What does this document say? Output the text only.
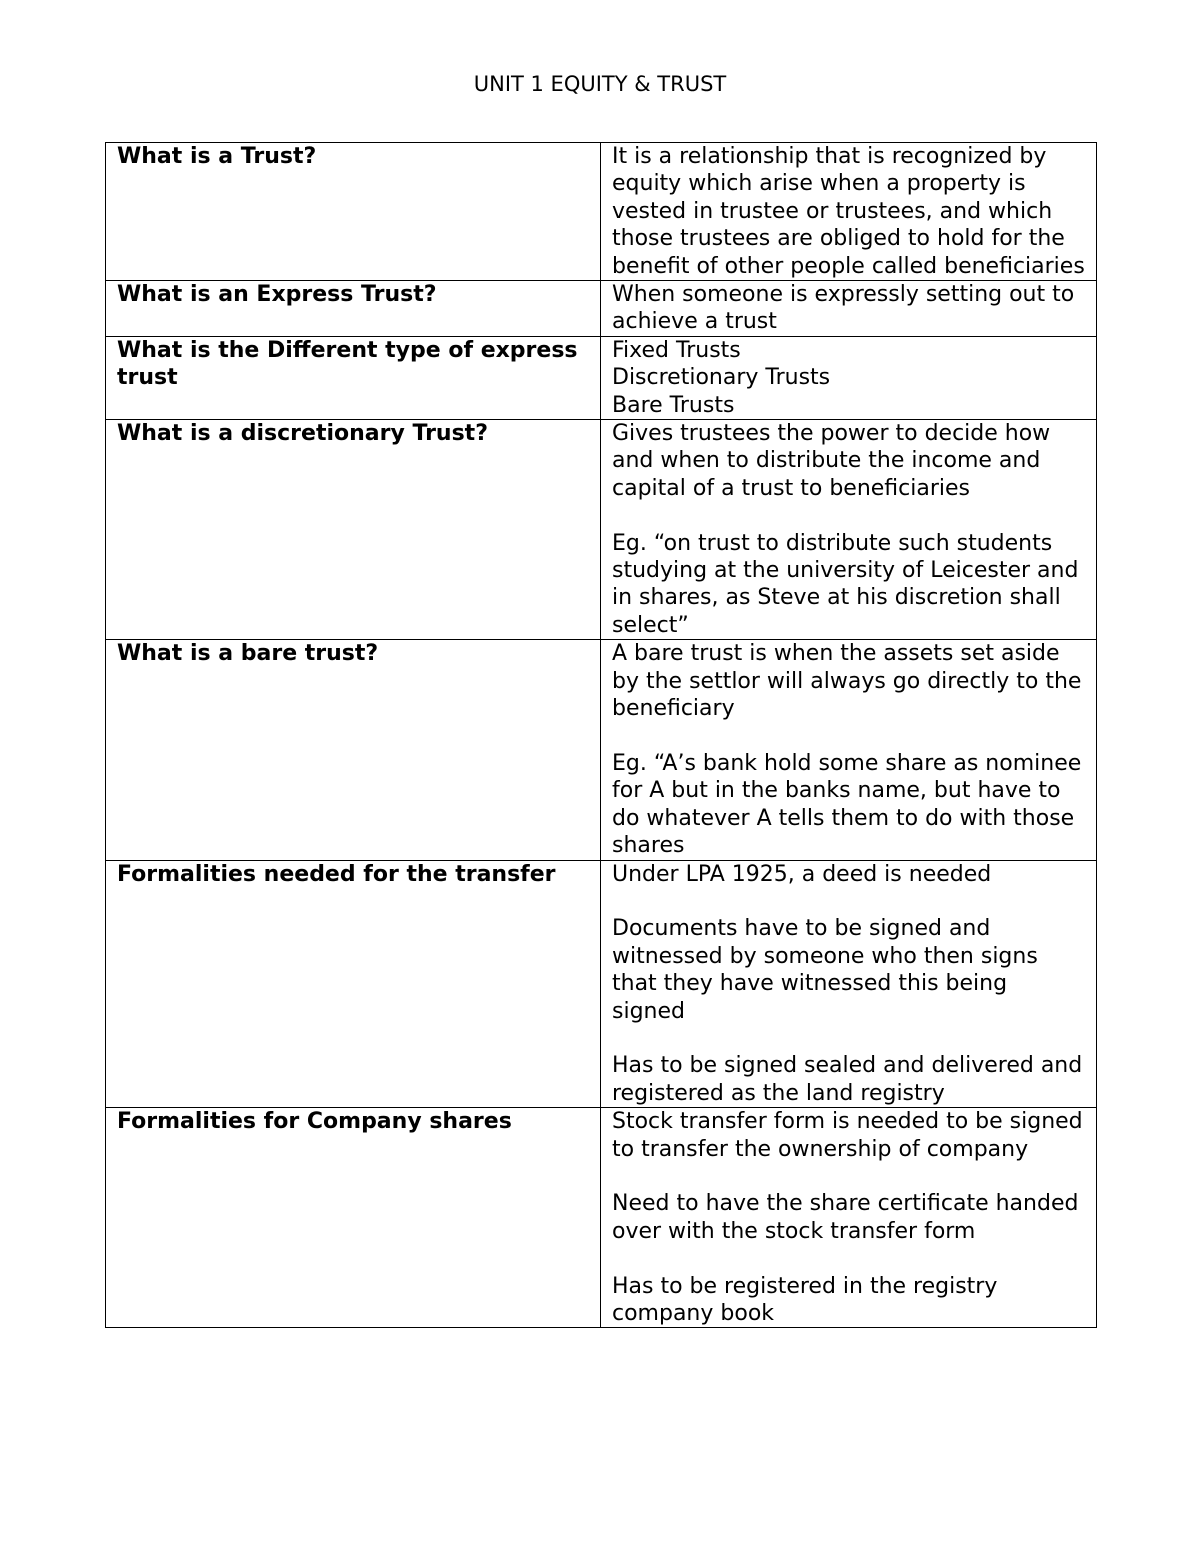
UNIT 1 EQUITY & TRUST
What is a Trust?	It is a relationship that is recognized by equity which arise when a property is vested in trustee or trustees, and which those trustees are obliged to hold for the benefit of other people called beneficiaries

What is an Express Trust?	When someone is expressly setting out to achieve a trust

What is the Different type of express trust	Fixed Trusts
Discretionary Trusts
Bare Trusts

What is a discretionary Trust?	Gives trustees the power to decide how and when to distribute the income and capital of a trust to beneficiaries
Eg. “on trust to distribute such students studying at the university of Leicester and in shares, as Steve at his discretion shall select”

What is a bare trust?	A bare trust is when the assets set aside by the settlor will always go directly to the beneficiary
Eg. “A’s bank hold some share as nominee for A but in the banks name, but have to do whatever A tells them to do with those shares

Formalities needed for the transfer	Under LPA 1925, a deed is needed
Documents have to be signed and witnessed by someone who then signs that they have witnessed this being signed
Has to be signed sealed and delivered and registered as the land registry

Formalities for Company shares	Stock transfer form is needed to be signed to transfer the ownership of company
Need to have the share certificate handed over with the stock transfer form
Has to be registered in the registry company book
